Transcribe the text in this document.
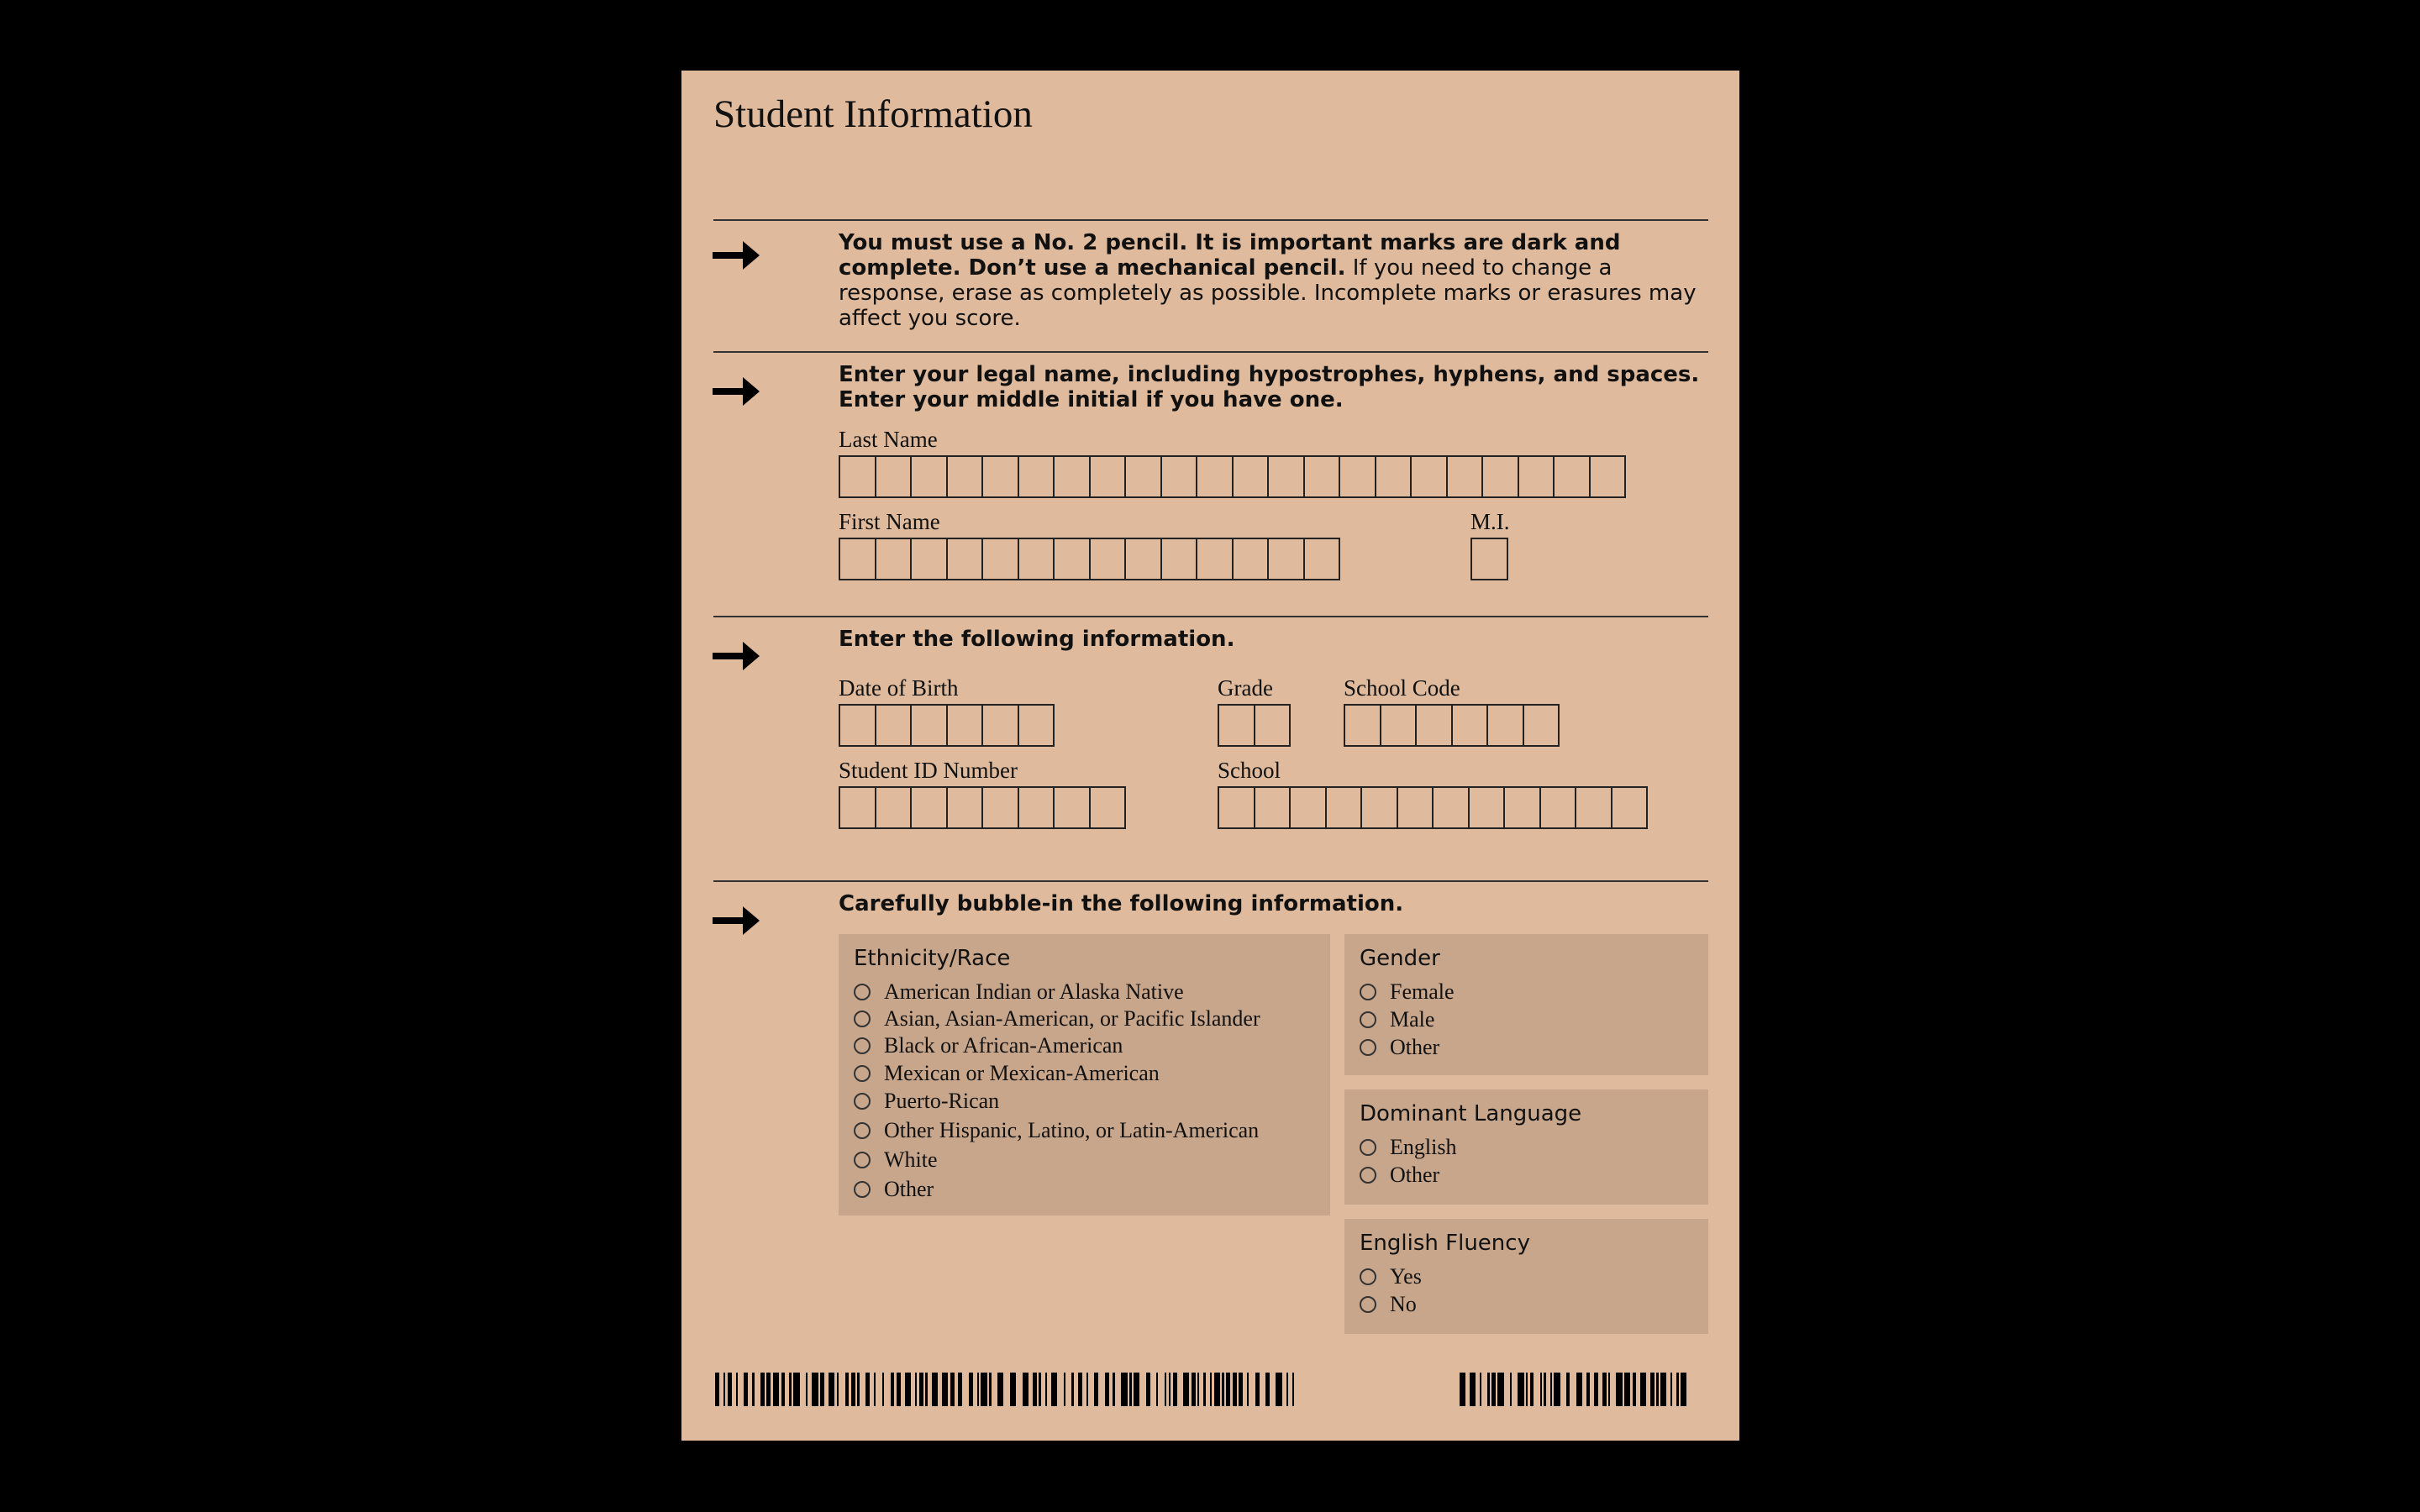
Student Information
You must use a No. 2 pencil. It is important marks are dark and complete. Don’t use a mechanical pencil. If you need to change a response, erase as completely as possible. Incomplete marks or erasures may affect you score.
Enter your legal name, including hypostrophes, hyphens, and spaces. Enter your middle initial if you have one.
Last Name
First Name	M.I.
Enter the following information.
Date of Birth	Grade	School Code
Student ID Number	School
Carefully bubble-in the following information.
Ethnicity/Race
American Indian or Alaska Native
Asian, Asian-American, or Pacific Islander
Black or African-American
Mexican or Mexican-American
Puerto-Rican
Other Hispanic, Latino, or Latin-American
White
Other
Gender
Female
Male
Other
Dominant Language
English
Other
English Fluency
Yes
No
